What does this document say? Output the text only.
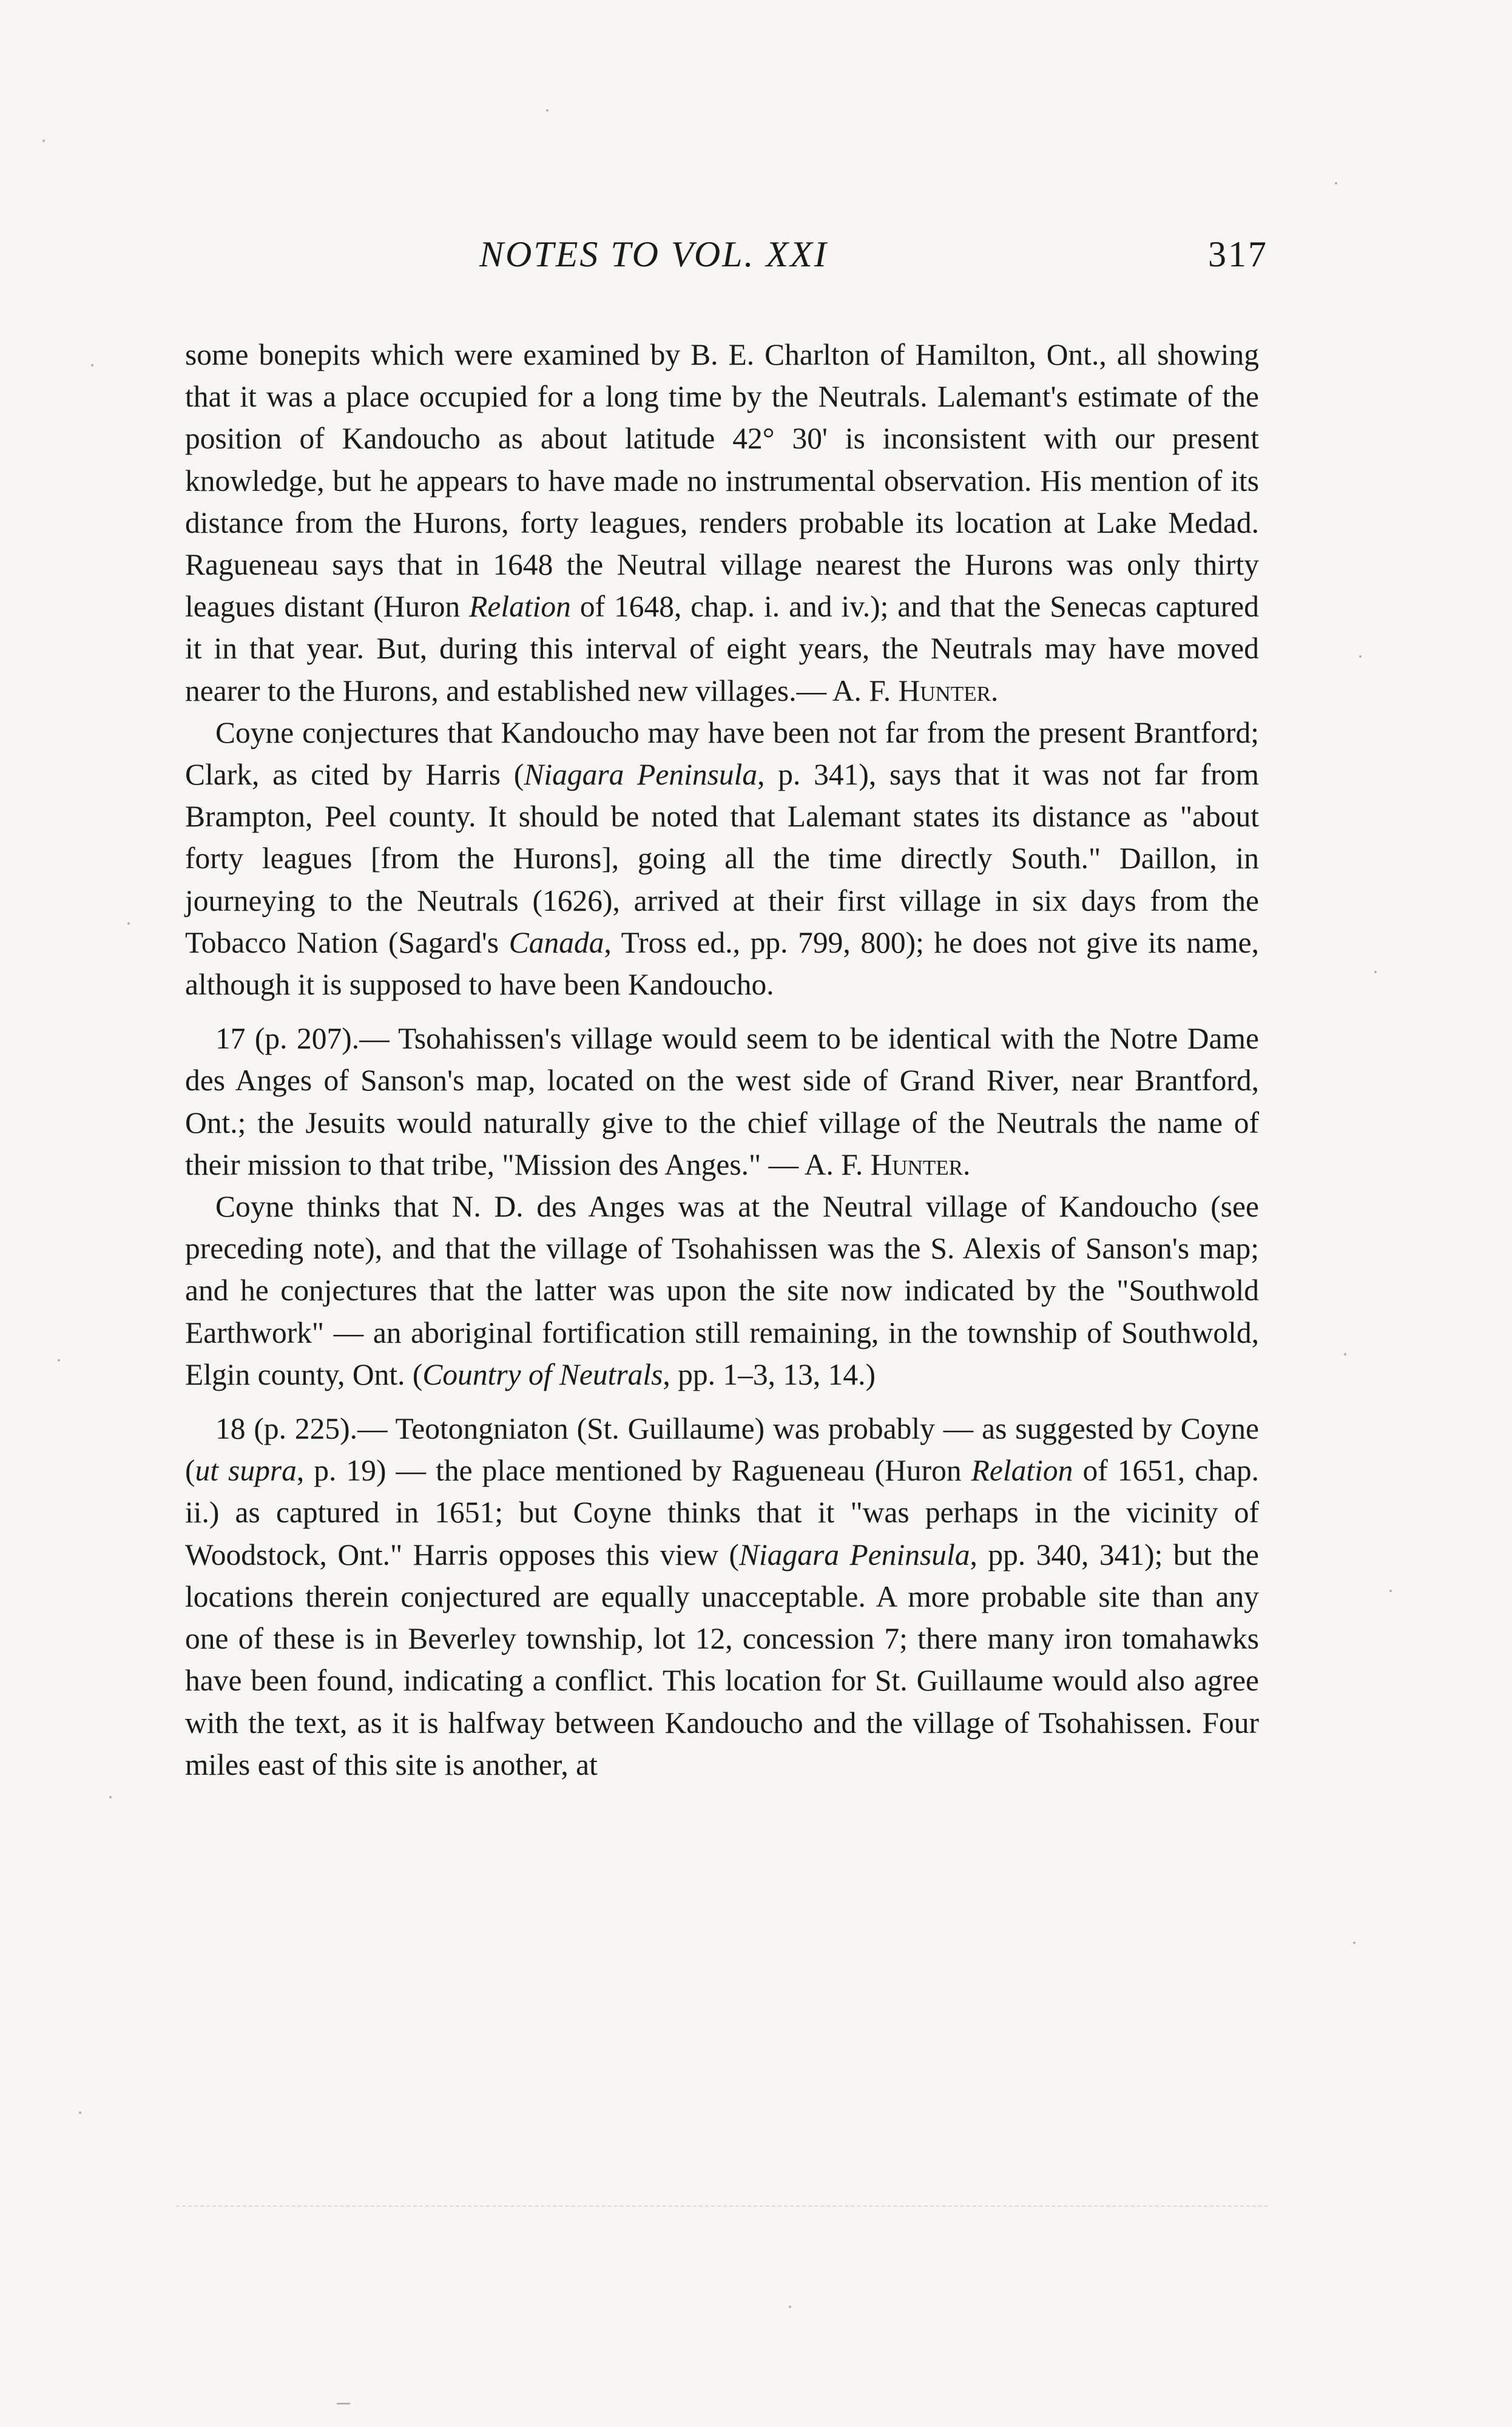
NOTES TO VOL. XXI	317

some bonepits which were examined by B. E. Charlton of Hamilton, Ont., all showing that it was a place occupied for a long time by the Neutrals. Lalemant's estimate of the position of Kandoucho as about latitude 42° 30' is inconsistent with our present knowledge, but he appears to have made no instrumental observation. His mention of its distance from the Hurons, forty leagues, renders probable its location at Lake Medad. Ragueneau says that in 1648 the Neutral village nearest the Hurons was only thirty leagues distant (Huron Relation of 1648, chap. i. and iv.); and that the Senecas captured it in that year. But, during this interval of eight years, the Neutrals may have moved nearer to the Hurons, and established new villages.— A. F. Hunter.

Coyne conjectures that Kandoucho may have been not far from the present Brantford; Clark, as cited by Harris (Niagara Peninsula, p. 341), says that it was not far from Brampton, Peel county. It should be noted that Lalemant states its distance as "about forty leagues [from the Hurons], going all the time directly South." Daillon, in journeying to the Neutrals (1626), arrived at their first village in six days from the Tobacco Nation (Sagard's Canada, Tross ed., pp. 799, 800); he does not give its name, although it is supposed to have been Kandoucho.

17 (p. 207).— Tsohahissen's village would seem to be identical with the Notre Dame des Anges of Sanson's map, located on the west side of Grand River, near Brantford, Ont.; the Jesuits would naturally give to the chief village of the Neutrals the name of their mission to that tribe, "Mission des Anges." — A. F. Hunter.

Coyne thinks that N. D. des Anges was at the Neutral village of Kandoucho (see preceding note), and that the village of Tsohahissen was the S. Alexis of Sanson's map; and he conjectures that the latter was upon the site now indicated by the "Southwold Earthwork" — an aboriginal fortification still remaining, in the township of Southwold, Elgin county, Ont. (Country of Neutrals, pp. 1–3, 13, 14.)

18 (p. 225).— Teotongniaton (St. Guillaume) was probably — as suggested by Coyne (ut supra, p. 19) — the place mentioned by Ragueneau (Huron Relation of 1651, chap. ii.) as captured in 1651; but Coyne thinks that it "was perhaps in the vicinity of Woodstock, Ont." Harris opposes this view (Niagara Peninsula, pp. 340, 341); but the locations therein conjectured are equally unacceptable. A more probable site than any one of these is in Beverley township, lot 12, concession 7; there many iron tomahawks have been found, indicating a conflict. This location for St. Guillaume would also agree with the text, as it is halfway between Kandoucho and the village of Tsohahissen. Four miles east of this site is another, at
